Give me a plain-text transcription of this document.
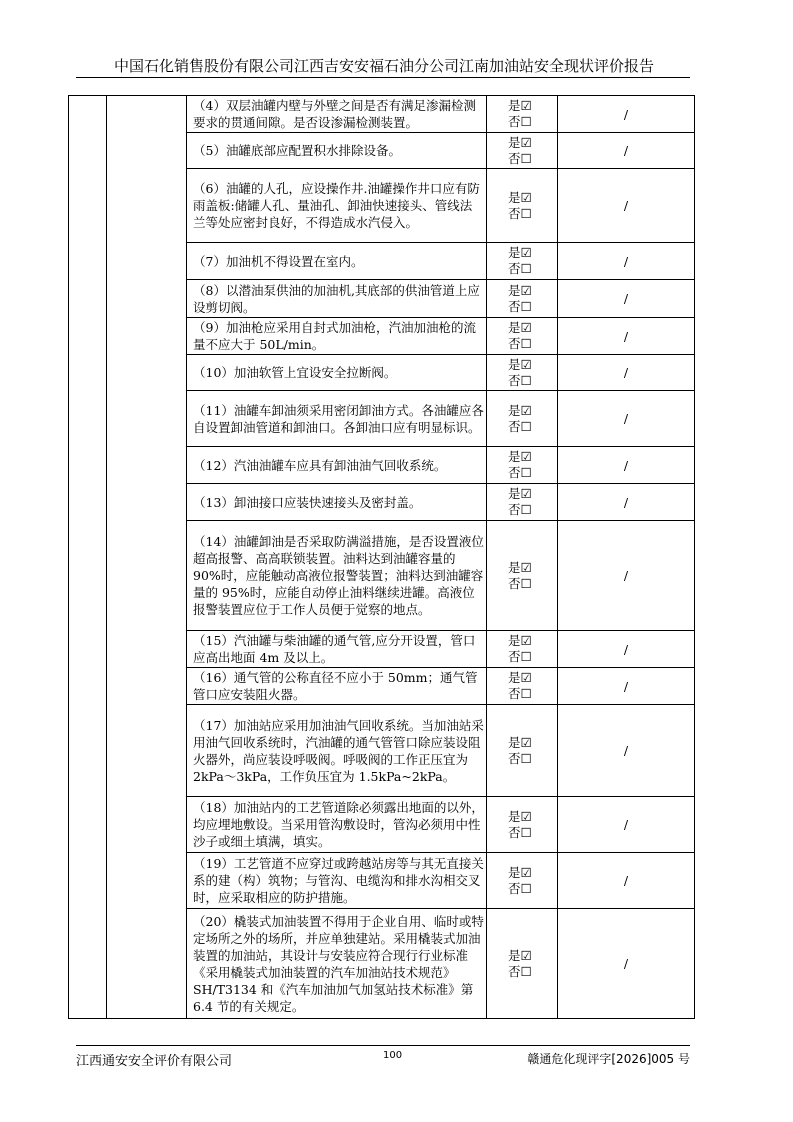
中国石化销售股份有限公司江西吉安安福石油分公司江南加油站安全现状评价报告
		（4）双层油罐内壁与外壁之间是否有满足渗漏检测要求的贯通间隙。是否设渗漏检测装置。	是☑
否☐	/
		（5）油罐底部应配置积水排除设备。	是☑
否☐	/
		（6）油罐的人孔，应设操作井.油罐操作井口应有防雨盖板:储罐人孔、量油孔、卸油快速接头、管线法兰等处应密封良好，不得造成水汽侵入。	是☑
否☐	/
		（7）加油机不得设置在室内。	是☑
否☐	/
		（8）以潜油泵供油的加油机,其底部的供油管道上应设剪切阀。	是☑
否☐	/
		（9）加油枪应采用自封式加油枪，汽油加油枪的流量不应大于 50L/min。	是☑
否☐	/
		（10）加油软管上宜设安全拉断阀。	是☑
否☐	/
		（11）油罐车卸油须采用密闭卸油方式。各油罐应各自设置卸油管道和卸油口。各卸油口应有明显标识。	是☑
否☐	/
		（12）汽油油罐车应具有卸油油气回收系统。	是☑
否☐	/
		（13）卸油接口应装快速接头及密封盖。	是☑
否☐	/
		（14）油罐卸油是否采取防满溢措施，是否设置液位超高报警、高高联锁装置。油料达到油罐容量的 90%时，应能触动高液位报警装置；油料达到油罐容量的 95%时，应能自动停止油料继续进罐。高液位报警装置应位于工作人员便于觉察的地点。	是☑
否☐	/
		（15）汽油罐与柴油罐的通气管,应分开设置，管口应高出地面 4m 及以上。	是☑
否☐	/
		（16）通气管的公称直径不应小于 50mm；通气管管口应安装阻火器。	是☑
否☐	/
		（17）加油站应采用加油油气回收系统。当加油站采用油气回收系统时，汽油罐的通气管管口除应装设阻火器外，尚应装设呼吸阀。呼吸阀的工作正压宜为 2kPa～3kPa，工作负压宜为 1.5kPa~2kPa。	是☑
否☐	/
		（18）加油站内的工艺管道除必须露出地面的以外，均应埋地敷设。当采用管沟敷设时，管沟必须用中性沙子或细土填满，填实。	是☑
否☐	/
		（19）工艺管道不应穿过或跨越站房等与其无直接关系的建（构）筑物；与管沟、电缆沟和排水沟相交叉时，应采取相应的防护措施。	是☑
否☐	/
		（20）橇装式加油装置不得用于企业自用、临时或特定场所之外的场所，并应单独建站。采用橇装式加油装置的加油站，其设计与安装应符合现行行业标准《采用橇装式加油装置的汽车加油站技术规范》SH/T3134 和《汽车加油加气加氢站技术标准》第 6.4 节的有关规定。	是☑
否☐	/
江西通安安全评价有限公司	100	赣通危化现评字[2026]005 号
